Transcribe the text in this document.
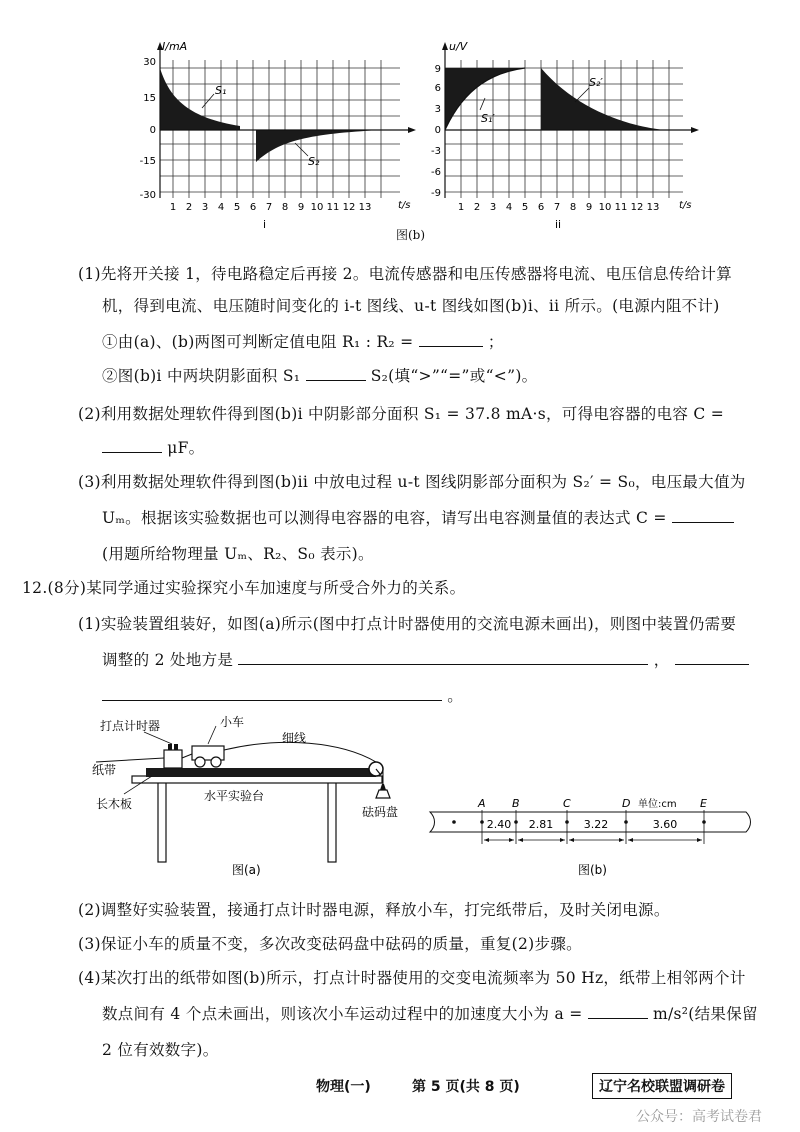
I/mA
t/s
30
15
0
-15
-30
1 2 3 4 5 6 7 8 9 10 11 12 13
S₁
S₂
i
u/V
t/s
9
6
3
0
-3
-6
-9
1 2 3 4 5 6 7 8 9 10 11 12 13
S₁′
S₂′
ii
图(b)
(1)先将开关接 1，待电路稳定后再接 2。电流传感器和电压传感器将电流、电压信息传给计算
机，得到电流、电压随时间变化的 i-t 图线、u-t 图线如图(b)i、ii 所示。(电源内阻不计)
①由(a)、(b)两图可判断定值电阻 R₁ : R₂ =	；
②图(b)i 中两块阴影面积 S₁	S₂(填“>”“=”或“<”)。
(2)利用数据处理软件得到图(b)i 中阴影部分面积 S₁ = 37.8 mA·s，可得电容器的电容 C =
μF。
(3)利用数据处理软件得到图(b)ii 中放电过程 u-t 图线阴影部分面积为 S₂′ = S₀，电压最大值为
Uₘ。根据该实验数据也可以测得电容器的电容，请写出电容测量值的表达式 C =
(用题所给物理量 Uₘ、R₂、S₀ 表示)。
12.(8分)某同学通过实验探究小车加速度与所受合外力的关系。
(1)实验装置组装好，如图(a)所示(图中打点计时器使用的交流电源未画出)，则图中装置仍需要
调整的 2 处地方是	，
。
打点计时器	小车
细线
纸带
长木板
水平实验台
砝码盘
图(a)
A B	C	D	E
单位:cm
2.40 2.81	3.22	3.60
图(b)
(2)调整好实验装置，接通打点计时器电源，释放小车，打完纸带后，及时关闭电源。
(3)保证小车的质量不变，多次改变砝码盘中砝码的质量，重复(2)步骤。
(4)某次打出的纸带如图(b)所示，打点计时器使用的交变电流频率为 50 Hz，纸带上相邻两个计
数点间有 4 个点未画出，则该次小车运动过程中的加速度大小为 a =	m/s²(结果保留
2 位有效数字)。
物理(一)	第 5 页(共 8 页)	辽宁名校联盟调研卷
公众号：高考试卷君
